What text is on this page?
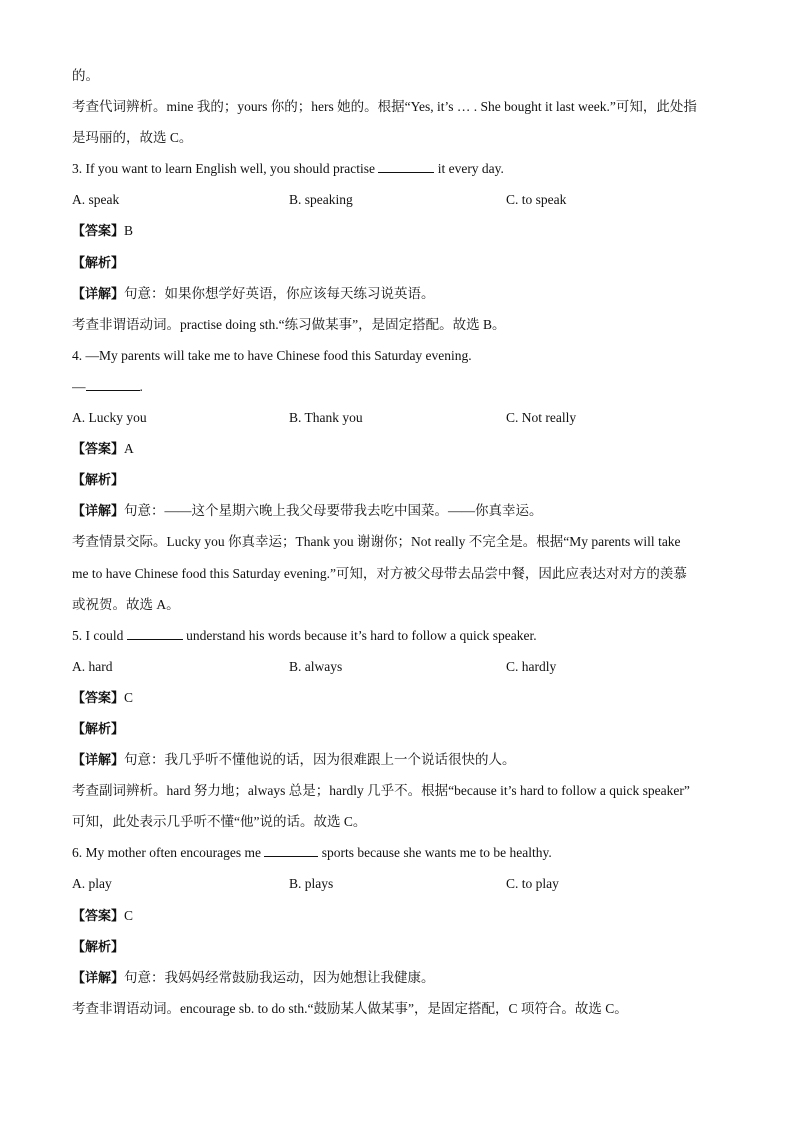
的。
考查代词辨析。mine 我的；yours 你的；hers 她的。根据“Yes, it’s … . She bought it last week.”可知，此处指
是玛丽的，故选 C。
3. If you want to learn English well, you should practise	it every day.
A. speak	B. speaking	C. to speak
【答案】B
【解析】
【详解】句意：如果你想学好英语，你应该每天练习说英语。
考查非谓语动词。practise doing sth.“练习做某事”，是固定搭配。故选 B。
4. —My parents will take me to have Chinese food this Saturday evening.
—	.
A. Lucky you	B. Thank you	C. Not really
【答案】A
【解析】
【详解】句意：——这个星期六晚上我父母要带我去吃中国菜。——你真幸运。
考查情景交际。Lucky you 你真幸运；Thank you 谢谢你；Not really 不完全是。根据“My parents will take
me to have Chinese food this Saturday evening.”可知，对方被父母带去品尝中餐，因此应表达对对方的羡慕
或祝贺。故选 A。
5. I could	understand his words because it’s hard to follow a quick speaker.
A. hard	B. always	C. hardly
【答案】C
【解析】
【详解】句意：我几乎听不懂他说的话，因为很难跟上一个说话很快的人。
考查副词辨析。hard 努力地；always 总是；hardly 几乎不。根据“because it’s hard to follow a quick speaker”
可知，此处表示几乎听不懂“他”说的话。故选 C。
6. My mother often encourages me	sports because she wants me to be healthy.
A. play	B. plays	C. to play
【答案】C
【解析】
【详解】句意：我妈妈经常鼓励我运动，因为她想让我健康。
考查非谓语动词。encourage sb. to do sth.“鼓励某人做某事”，是固定搭配，C 项符合。故选 C。
